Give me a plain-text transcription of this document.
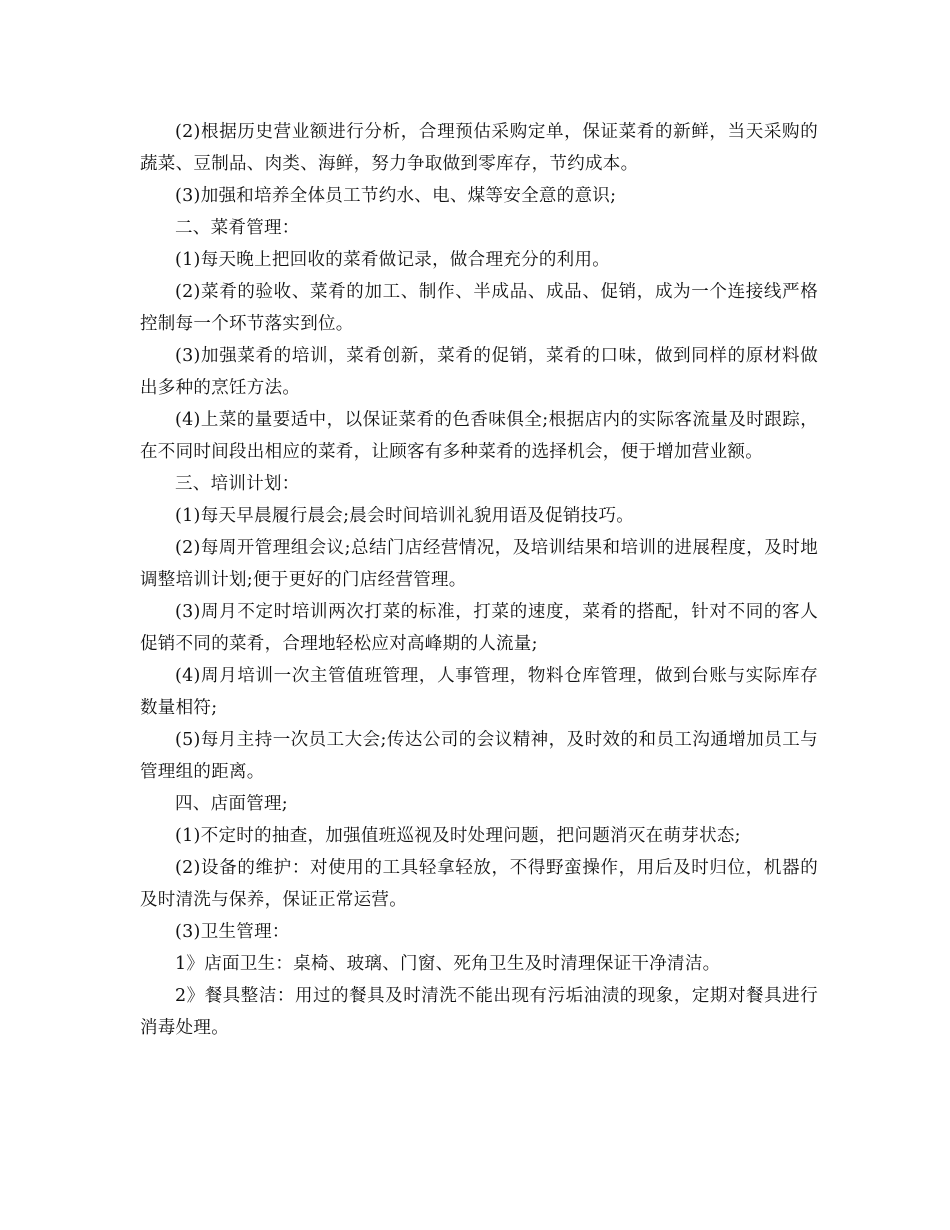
(2)根据历史营业额进行分析，合理预估采购定单，保证菜肴的新鲜，当天采购的蔬菜、豆制品、肉类、海鲜，努力争取做到零库存，节约成本。

(3)加强和培养全体员工节约水、电、煤等安全意的意识;

二、菜肴管理：

(1)每天晚上把回收的菜肴做记录，做合理充分的利用。

(2)菜肴的验收、菜肴的加工、制作、半成品、成品、促销，成为一个连接线严格控制每一个环节落实到位。

(3)加强菜肴的培训，菜肴创新，菜肴的促销，菜肴的口味，做到同样的原材料做出多种的烹饪方法。

(4)上菜的量要适中，以保证菜肴的色香味俱全;根据店内的实际客流量及时跟踪，在不同时间段出相应的菜肴，让顾客有多种菜肴的选择机会，便于增加营业额。

三、培训计划：

(1)每天早晨履行晨会;晨会时间培训礼貌用语及促销技巧。

(2)每周开管理组会议;总结门店经营情况，及培训结果和培训的进展程度，及时地调整培训计划;便于更好的门店经营管理。

(3)周月不定时培训两次打菜的标准，打菜的速度，菜肴的搭配，针对不同的客人促销不同的菜肴，合理地轻松应对高峰期的人流量;

(4)周月培训一次主管值班管理，人事管理，物料仓库管理，做到台账与实际库存数量相符;

(5)每月主持一次员工大会;传达公司的会议精神，及时效的和员工沟通增加员工与管理组的距离。

四、店面管理;

(1)不定时的抽查，加强值班巡视及时处理问题，把问题消灭在萌芽状态;

(2)设备的维护：对使用的工具轻拿轻放，不得野蛮操作，用后及时归位，机器的及时清洗与保养，保证正常运营。

(3)卫生管理：

1》店面卫生：桌椅、玻璃、门窗、死角卫生及时清理保证干净清洁。

2》餐具整洁：用过的餐具及时清洗不能出现有污垢油渍的现象，定期对餐具进行消毒处理。
